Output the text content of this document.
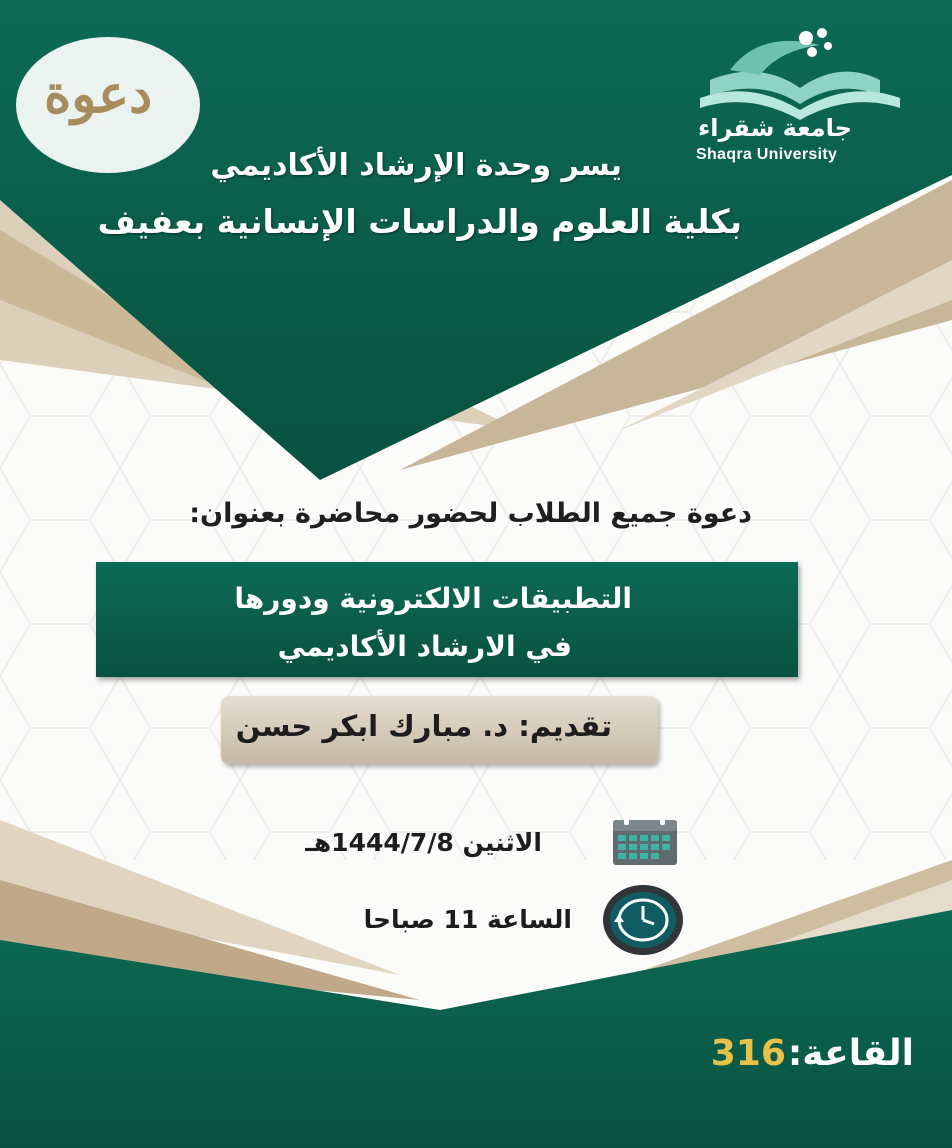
دعوة
جامعة شقراء
Shaqra University
يسر وحدة الإرشاد الأكاديمي
بكلية العلوم والدراسات الإنسانية بعفيف
دعوة جميع الطلاب لحضور محاضرة بعنوان:
التطبيقات الالكترونية ودورها
في الارشاد الأكاديمي
تقديم: د. مبارك ابكر حسن
الاثنين 1444/7/8هـ
الساعة 11 صباحا
القاعة:
316
